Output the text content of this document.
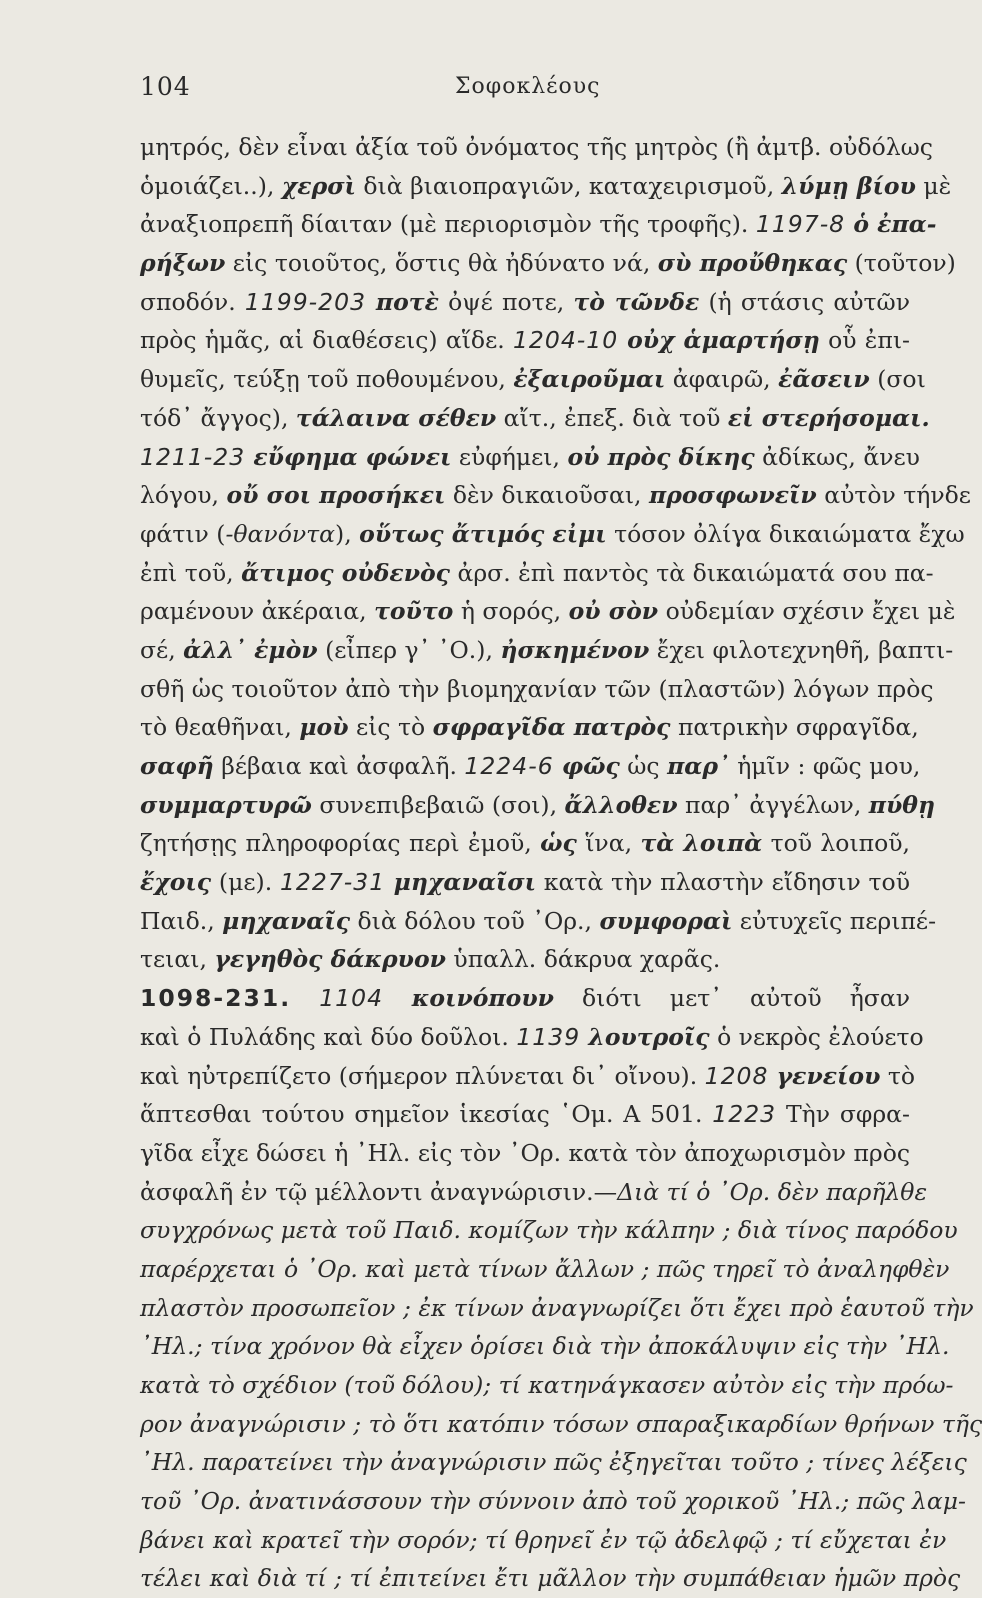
104	Σοφοκλέους
μητρός, δὲν εἶναι ἀξία τοῦ ὀνόματος τῆς μητρὸς (ἢ ἀμτβ. οὐδόλως
ὁμοιάζει..), χερσὶ διὰ βιαιοπραγιῶν, καταχειρισμοῦ, λύμῃ βίου μὲ
ἀναξιοπρεπῆ δίαιταν (μὲ περιορισμὸν τῆς τροφῆς). 1197-8 ὁ ἐπα-
ρήξων εἰς τοιοῦτος, ὅστις θὰ ἠδύνατο νά, σὺ προὔθηκας (τοῦτον)
σποδόν. 1199-203 ποτὲ ὀψέ ποτε, τὸ τῶνδε (ἡ στάσις αὐτῶν
πρὸς ἡμᾶς, αἱ διαθέσεις) αἵδε. 1204-10 οὐχ ἁμαρτήσῃ οὗ ἐπι-
θυμεῖς, τεύξῃ τοῦ ποθουμένου, ἐξαιροῦμαι ἀφαιρῶ, ἐᾶσειν (σοι
τόδ᾽ ἄγγος), τάλαινα σέθεν αἴτ., ἐπεξ. διὰ τοῦ εἰ στερήσομαι.
1211-23 εὔφημα φώνει εὐφήμει, οὐ πρὸς δίκης ἀδίκως, ἄνευ
λόγου, οὔ σοι προσήκει δὲν δικαιοῦσαι, προσφωνεῖν αὐτὸν τήνδε
φάτιν (-θανόντα), οὕτως ἄτιμός εἰμι τόσον ὀλίγα δικαιώματα ἔχω
ἐπὶ τοῦ, ἄτιμος οὐδενὸς ἀρσ. ἐπὶ παντὸς τὰ δικαιώματά σου πα-
ραμένουν ἀκέραια, τοῦτο ἡ σορός, οὐ σὸν οὐδεμίαν σχέσιν ἔχει μὲ
σέ, ἀλλ᾽ ἐμὸν (εἶπερ γ᾽ ᾿Ο.), ἠσκημένον ἔχει φιλοτεχνηθῆ, βαπτι-
σθῆ ὡς τοιοῦτον ἀπὸ τὴν βιομηχανίαν τῶν (πλαστῶν) λόγων πρὸς
τὸ θεαθῆναι, μοὺ εἰς τὸ σφραγῖδα πατρὸς πατρικὴν σφραγῖδα,
σαφῆ βέβαια καὶ ἀσφαλῆ. 1224-6 φῶς ὡς παρ᾽ ἡμῖν : φῶς μου,
συμμαρτυρῶ συνεπιβεβαιῶ (σοι), ἄλλοθεν παρ᾽ ἀγγέλων, πύθῃ
ζητήσῃς πληροφορίας περὶ ἐμοῦ, ὡς ἵνα, τὰ λοιπὰ τοῦ λοιποῦ,
ἔχοις (με). 1227-31 μηχαναῖσι κατὰ τὴν πλαστὴν εἴδησιν τοῦ
Παιδ., μηχαναῖς διὰ δόλου τοῦ ᾿Ορ., συμφοραὶ εὐτυχεῖς περιπέ-
τειαι, γεγηθὸς δάκρυον ὑπαλλ. δάκρυα χαρᾶς.
1098-231. 1104 κοινόπουν διότι μετ᾽ αὐτοῦ ἦσαν
καὶ ὁ Πυλάδης καὶ δύο δοῦλοι. 1139 λουτροῖς ὁ νεκρὸς ἐλούετο
καὶ ηὐτρεπίζετο (σήμερον πλύνεται δι᾽ οἴνου). 1208 γενείου τὸ
ἅπτεσθαι τούτου σημεῖον ἱκεσίας ῾Ομ. Α 501. 1223 Τὴν σφρα-
γῖδα εἶχε δώσει ἡ ᾿Ηλ. εἰς τὸν ᾿Ορ. κατὰ τὸν ἀποχωρισμὸν πρὸς
ἀσφαλῆ ἐν τῷ μέλλοντι ἀναγνώρισιν.—Διὰ τί ὁ ᾿Ορ. δὲν παρῆλθε
συγχρόνως μετὰ τοῦ Παιδ. κομίζων τὴν κάλπην ; διὰ τίνος παρόδου
παρέρχεται ὁ ᾿Ορ. καὶ μετὰ τίνων ἄλλων ; πῶς τηρεῖ τὸ ἀναληφθὲν
πλαστὸν προσωπεῖον ; ἐκ τίνων ἀναγνωρίζει ὅτι ἔχει πρὸ ἑαυτοῦ τὴν
᾿Ηλ.; τίνα χρόνον θὰ εἶχεν ὁρίσει διὰ τὴν ἀποκάλυψιν εἰς τὴν ᾿Ηλ.
κατὰ τὸ σχέδιον (τοῦ δόλου); τί κατηνάγκασεν αὐτὸν εἰς τὴν πρόω-
ρον ἀναγνώρισιν ; τὸ ὅτι κατόπιν τόσων σπαραξικαρδίων θρήνων τῆς
᾿Ηλ. παρατείνει τὴν ἀναγνώρισιν πῶς ἐξηγεῖται τοῦτο ; τίνες λέξεις
τοῦ ᾿Ορ. ἀνατινάσσουν τὴν σύννοιν ἀπὸ τοῦ χορικοῦ ᾿Ηλ.; πῶς λαμ-
βάνει καὶ κρατεῖ τὴν σορόν; τί θρηνεῖ ἐν τῷ ἀδελφῷ ; τί εὔχεται ἐν
τέλει καὶ διὰ τί ; τί ἐπιτείνει ἔτι μᾶλλον τὴν συμπάθειαν ἡμῶν πρὸς
